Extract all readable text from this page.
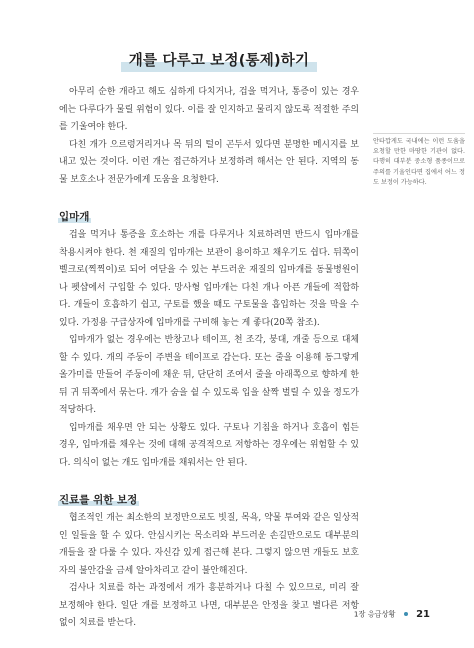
개를 다루고 보정(통제)하기

아무리 순한 개라고 해도 심하게 다치거나, 겁을 먹거나, 통증이 있는 경우에는 다루다가 물릴 위험이 있다. 이를 잘 인지하고 물리지 않도록 적절한 주의를 기울여야 한다.

다친 개가 으르렁거리거나 목 뒤의 털이 곤두서 있다면 분명한 메시지를 보내고 있는 것이다. 이런 개는 접근하거나 보정하려 해서는 안 된다. 지역의 동물 보호소나 전문가에게 도움을 요청한다.

입마개

겁을 먹거나 통증을 호소하는 개를 다루거나 치료하려면 반드시 입마개를 착용시켜야 한다. 천 재질의 입마개는 보관이 용이하고 채우기도 쉽다. 뒤쪽이 벨크로(찍찍이)로 되어 여닫을 수 있는 부드러운 재질의 입마개를 동물병원이나 펫샵에서 구입할 수 있다. 망사형 입마개는 다친 개나 아픈 개들에 적합하다. 개들이 호흡하기 쉽고, 구토를 했을 때도 구토물을 흡입하는 것을 막을 수 있다. 가정용 구급상자에 입마개를 구비해 놓는 게 좋다(20쪽 참조).

입마개가 없는 경우에는 반창고나 테이프, 천 조각, 붕대, 개줄 등으로 대체할 수 있다. 개의 주둥이 주변을 테이프로 감는다. 또는 줄을 이용해 동그랗게 올가미를 만들어 주둥이에 채운 뒤, 단단히 조여서 줄을 아래쪽으로 향하게 한 뒤 귀 뒤쪽에서 묶는다. 개가 숨을 쉴 수 있도록 입을 살짝 벌릴 수 있을 정도가 적당하다.

입마개를 채우면 안 되는 상황도 있다. 구토나 기침을 하거나 호흡이 힘든 경우, 입마개를 채우는 것에 대해 공격적으로 저항하는 경우에는 위험할 수 있다. 의식이 없는 개도 입마개를 채워서는 안 된다.

진료를 위한 보정

협조적인 개는 최소한의 보정만으로도 빗질, 목욕, 약물 투여와 같은 일상적인 일들을 할 수 있다. 안심시키는 목소리와 부드러운 손길만으로도 대부분의 개들을 잘 다룰 수 있다. 자신감 있게 접근해 본다. 그렇지 않으면 개들도 보호자의 불안감을 금세 알아차리고 같이 불안해진다.

검사나 치료를 하는 과정에서 개가 흥분하거나 다칠 수 있으므로, 미리 잘 보정해야 한다. 일단 개를 보정하고 나면, 대부분은 안정을 찾고 별다른 저항 없이 치료를 받는다.

안타깝게도 국내에는 이런 도움을 요청할 만한 마땅한 기관이 없다. 다행히 대부분 중소형 품종이므로 주의를 기울인다면 집에서 어느 정도 보정이 가능하다.
1장 응급상황 21
